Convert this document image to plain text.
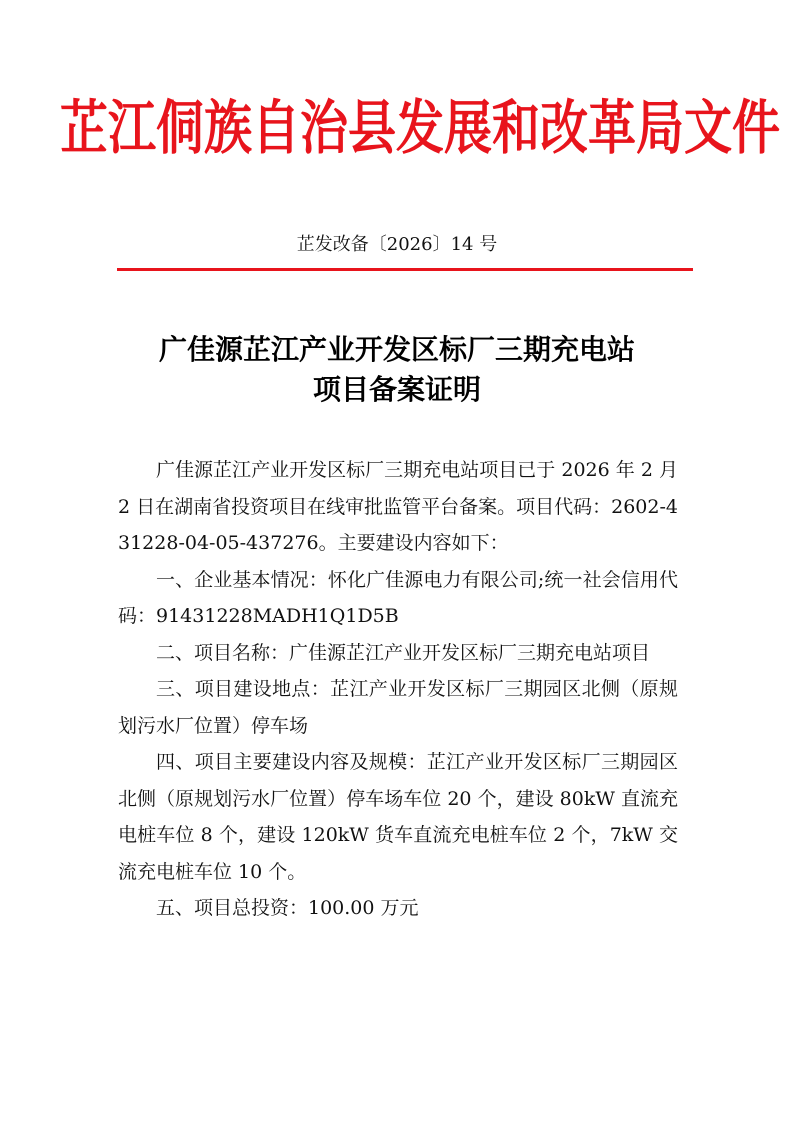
芷江侗族自治县发展和改革局文件
芷发改备〔2026〕14 号
广佳源芷江产业开发区标厂三期充电站
项目备案证明

广佳源芷江产业开发区标厂三期充电站项目已于 2026 年 2 月 2 日在湖南省投资项目在线审批监管平台备案。项目代码：2602-431228-04-05-437276。主要建设内容如下：

一、企业基本情况：怀化广佳源电力有限公司;统一社会信用代码：91431228MADH1Q1D5B

二、项目名称：广佳源芷江产业开发区标厂三期充电站项目

三、项目建设地点：芷江产业开发区标厂三期园区北侧（原规划污水厂位置）停车场

四、项目主要建设内容及规模：芷江产业开发区标厂三期园区北侧（原规划污水厂位置）停车场车位 20 个，建设 80kW 直流充电桩车位 8 个，建设 120kW 货车直流充电桩车位 2 个，7kW 交流充电桩车位 10 个。

五、项目总投资：100.00 万元
